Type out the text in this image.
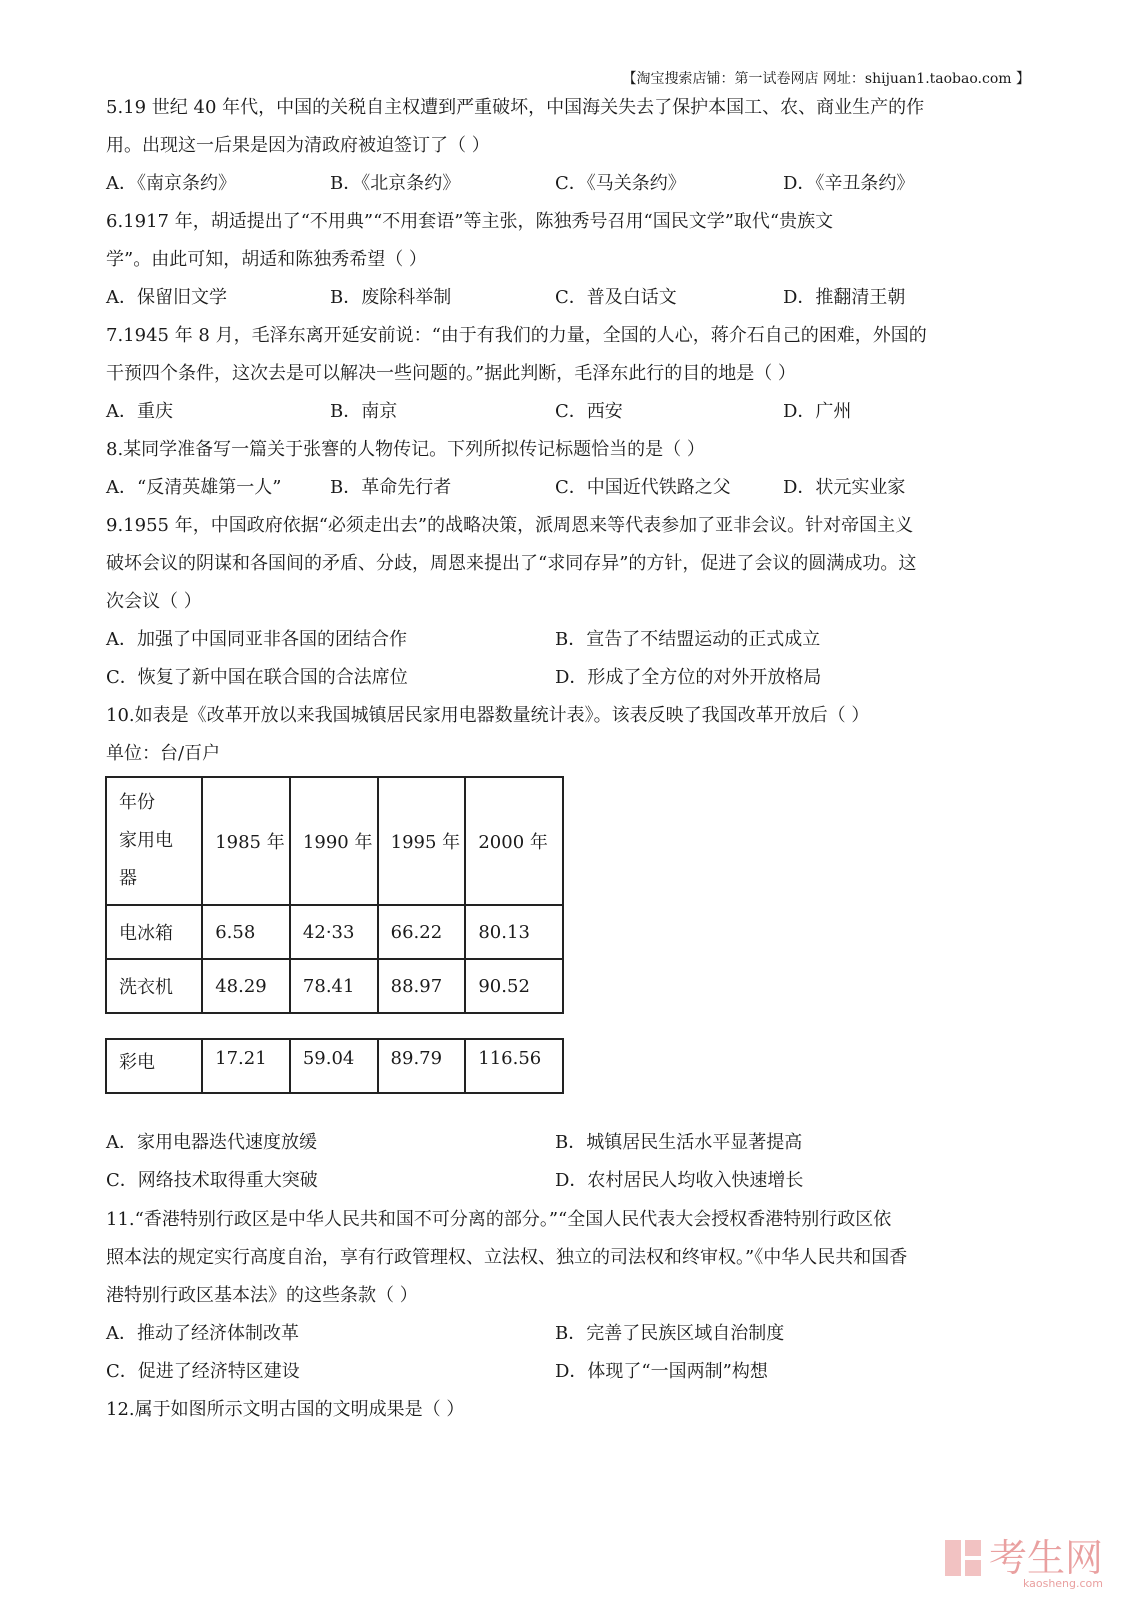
【淘宝搜索店铺：第一试卷网店 网址：shijuan1.taobao.com 】
5.19 世纪 40 年代，中国的关税自主权遭到严重破坏，中国海关失去了保护本国工、农、商业生产的作
用。出现这一后果是因为清政府被迫签订了（ ）
A．《南京条约》	B．《北京条约》	C．《马关条约》	D．《辛丑条约》
6.1917 年，胡适提出了“不用典”“不用套语”等主张，陈独秀号召用“国民文学”取代“贵族文
学”。由此可知，胡适和陈独秀希望（ ）
A．保留旧文学	B．废除科举制	C．普及白话文	D．推翻清王朝
7.1945 年 8 月，毛泽东离开延安前说：“由于有我们的力量，全国的人心，蒋介石自己的困难，外国的
干预四个条件，这次去是可以解决一些问题的。”据此判断，毛泽东此行的目的地是（ ）
A．重庆	B．南京	C．西安	D．广州
8.某同学准备写一篇关于张謇的人物传记。下列所拟传记标题恰当的是（ ）
A．“反清英雄第一人”	B．革命先行者	C．中国近代铁路之父	D．状元实业家
9.1955 年，中国政府依据“必须走出去”的战略决策，派周恩来等代表参加了亚非会议。针对帝国主义
破坏会议的阴谋和各国间的矛盾、分歧，周恩来提出了“求同存异”的方针，促进了会议的圆满成功。这
次会议（ ）
A．加强了中国同亚非各国的团结合作	B．宣告了不结盟运动的正式成立
C．恢复了新中国在联合国的合法席位	D．形成了全方位的对外开放格局
10.如表是《改革开放以来我国城镇居民家用电器数量统计表》。该表反映了我国改革开放后（ ）
单位：台/百户
年份
家用电
器	1985 年	1990 年	1995 年	2000 年
电冰箱	6.58	42·33	66.22	80.13
洗衣机	48.29	78.41	88.97	90.52
彩电	17.21	59.04	89.79	116.56
A．家用电器迭代速度放缓	B．城镇居民生活水平显著提高
C．网络技术取得重大突破	D．农村居民人均收入快速增长
11.“香港特别行政区是中华人民共和国不可分离的部分。”“全国人民代表大会授权香港特别行政区依
照本法的规定实行高度自治，享有行政管理权、立法权、独立的司法权和终审权。”《中华人民共和国香
港特别行政区基本法》的这些条款（ ）
A．推动了经济体制改革	B．完善了民族区域自治制度
C．促进了经济特区建设	D．体现了“一国两制”构想
12.属于如图所示文明古国的文明成果是（ ）
考生网
kaosheng.com
